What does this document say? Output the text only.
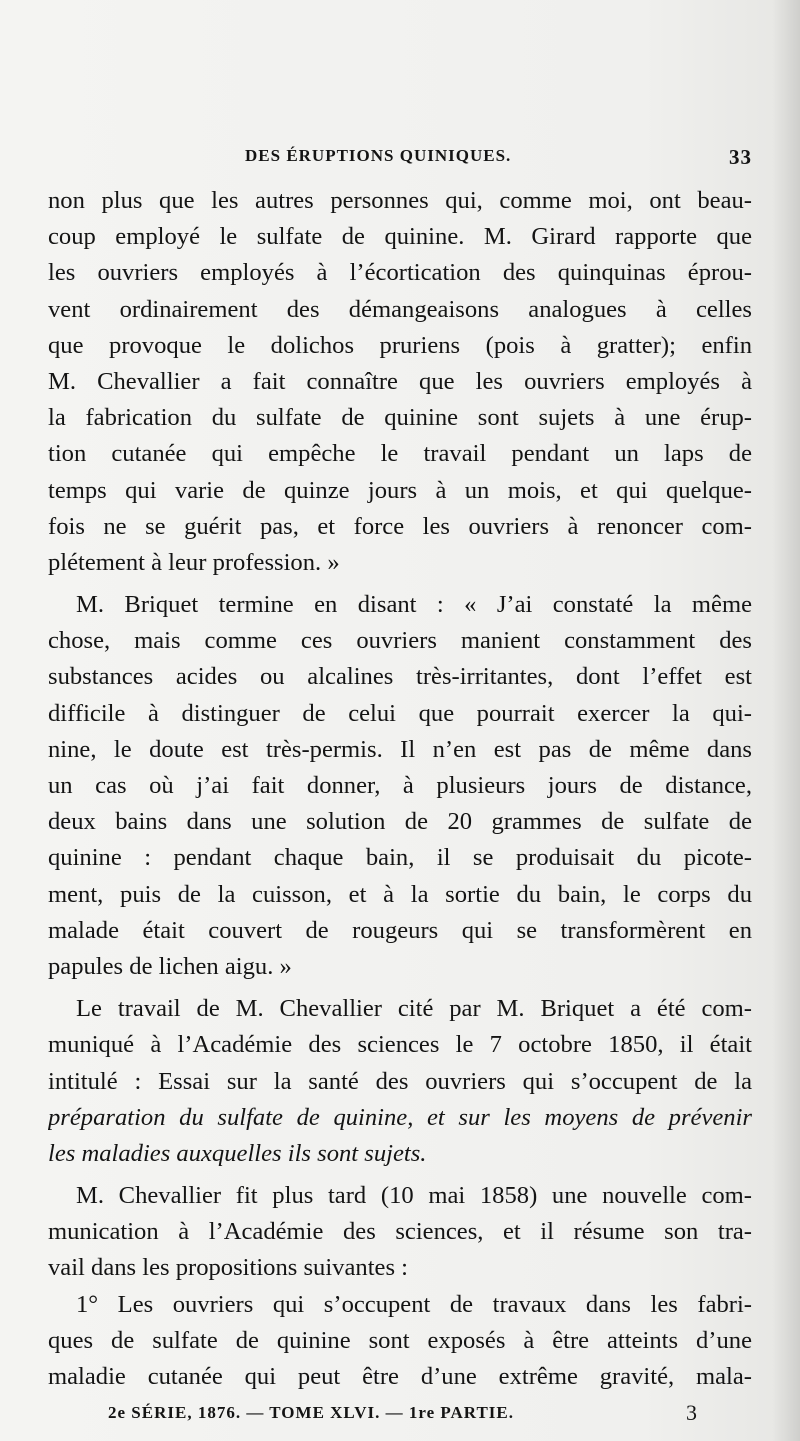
DES ÉRUPTIONS QUINIQUES.	33
non plus que les autres personnes qui, comme moi, ont beau-
coup employé le sulfate de quinine. M. Girard rapporte que
les ouvriers employés à l’écortication des quinquinas éprou-
vent ordinairement des démangeaisons analogues à celles
que provoque le dolichos pruriens (pois à gratter); enfin
M. Chevallier a fait connaître que les ouvriers employés à
la fabrication du sulfate de quinine sont sujets à une érup-
tion cutanée qui empêche le travail pendant un laps de
temps qui varie de quinze jours à un mois, et qui quelque-
fois ne se guérit pas, et force les ouvriers à renoncer com-
plétement à leur profession. »
M. Briquet termine en disant : « J’ai constaté la même
chose, mais comme ces ouvriers manient constamment des
substances acides ou alcalines très-irritantes, dont l’effet est
difficile à distinguer de celui que pourrait exercer la qui-
nine, le doute est très-permis. Il n’en est pas de même dans
un cas où j’ai fait donner, à plusieurs jours de distance,
deux bains dans une solution de 20 grammes de sulfate de
quinine : pendant chaque bain, il se produisait du picote-
ment, puis de la cuisson, et à la sortie du bain, le corps du
malade était couvert de rougeurs qui se transformèrent en
papules de lichen aigu. »
Le travail de M. Chevallier cité par M. Briquet a été com-
muniqué à l’Académie des sciences le 7 octobre 1850, il était
intitulé : Essai sur la santé des ouvriers qui s’occupent de la
préparation du sulfate de quinine, et sur les moyens de prévenir
les maladies auxquelles ils sont sujets.
M. Chevallier fit plus tard (10 mai 1858) une nouvelle com-
munication à l’Académie des sciences, et il résume son tra-
vail dans les propositions suivantes :
1° Les ouvriers qui s’occupent de travaux dans les fabri-
ques de sulfate de quinine sont exposés à être atteints d’une
maladie cutanée qui peut être d’une extrême gravité, mala-
2e SÉRIE, 1876. — TOME XLVI. — 1re PARTIE.	3
